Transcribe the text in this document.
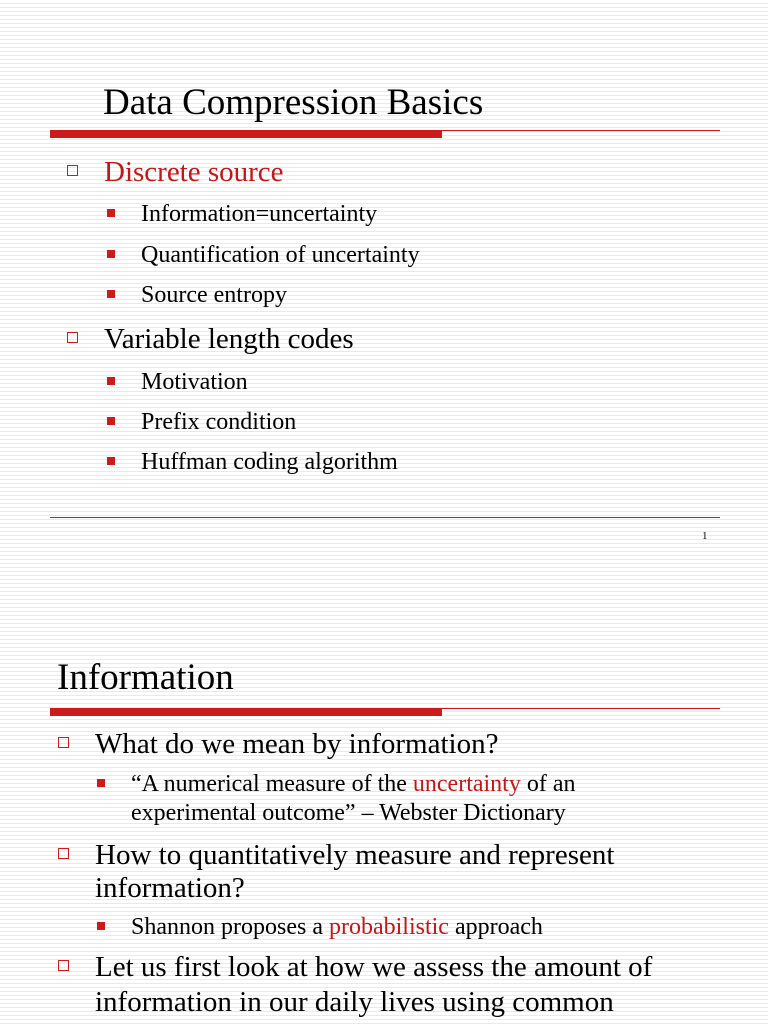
Data Compression Basics
Discrete source
Information=uncertainty
Quantification of uncertainty
Source entropy
Variable length codes
Motivation
Prefix condition
Huffman coding algorithm
1
Information
What do we mean by information?
“A numerical measure of the uncertainty of an
experimental outcome” – Webster Dictionary
How to quantitatively measure and represent
information?
Shannon proposes a probabilistic approach
Let us first look at how we assess the amount of
information in our daily lives using common
